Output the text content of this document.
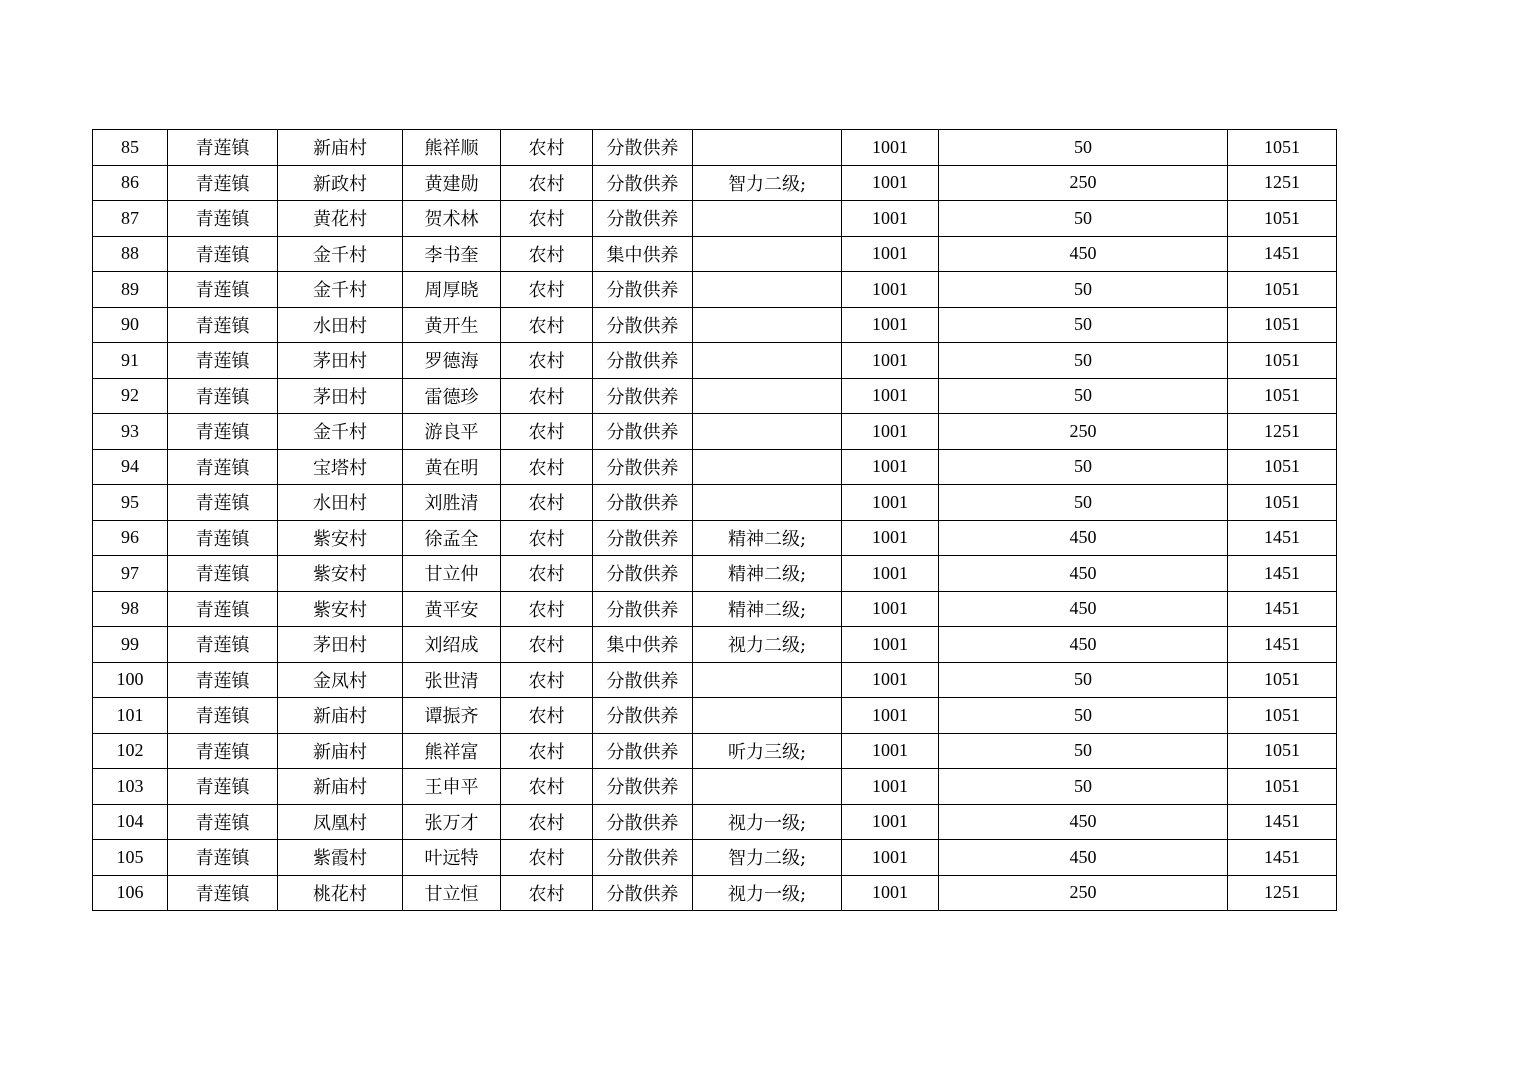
85	青莲镇	新庙村	熊祥顺	农村	分散供养		1001	50	1051
86	青莲镇	新政村	黄建勋	农村	分散供养	智力二级;	1001	250	1251
87	青莲镇	黄花村	贺术林	农村	分散供养		1001	50	1051
88	青莲镇	金千村	李书奎	农村	集中供养		1001	450	1451
89	青莲镇	金千村	周厚晓	农村	分散供养		1001	50	1051
90	青莲镇	水田村	黄开生	农村	分散供养		1001	50	1051
91	青莲镇	茅田村	罗德海	农村	分散供养		1001	50	1051
92	青莲镇	茅田村	雷德珍	农村	分散供养		1001	50	1051
93	青莲镇	金千村	游良平	农村	分散供养		1001	250	1251
94	青莲镇	宝塔村	黄在明	农村	分散供养		1001	50	1051
95	青莲镇	水田村	刘胜清	农村	分散供养		1001	50	1051
96	青莲镇	紫安村	徐孟全	农村	分散供养	精神二级;	1001	450	1451
97	青莲镇	紫安村	甘立仲	农村	分散供养	精神二级;	1001	450	1451
98	青莲镇	紫安村	黄平安	农村	分散供养	精神二级;	1001	450	1451
99	青莲镇	茅田村	刘绍成	农村	集中供养	视力二级;	1001	450	1451
100	青莲镇	金凤村	张世清	农村	分散供养		1001	50	1051
101	青莲镇	新庙村	谭振齐	农村	分散供养		1001	50	1051
102	青莲镇	新庙村	熊祥富	农村	分散供养	听力三级;	1001	50	1051
103	青莲镇	新庙村	王申平	农村	分散供养		1001	50	1051
104	青莲镇	凤凰村	张万才	农村	分散供养	视力一级;	1001	450	1451
105	青莲镇	紫霞村	叶远特	农村	分散供养	智力二级;	1001	450	1451
106	青莲镇	桃花村	甘立恒	农村	分散供养	视力一级;	1001	250	1251
